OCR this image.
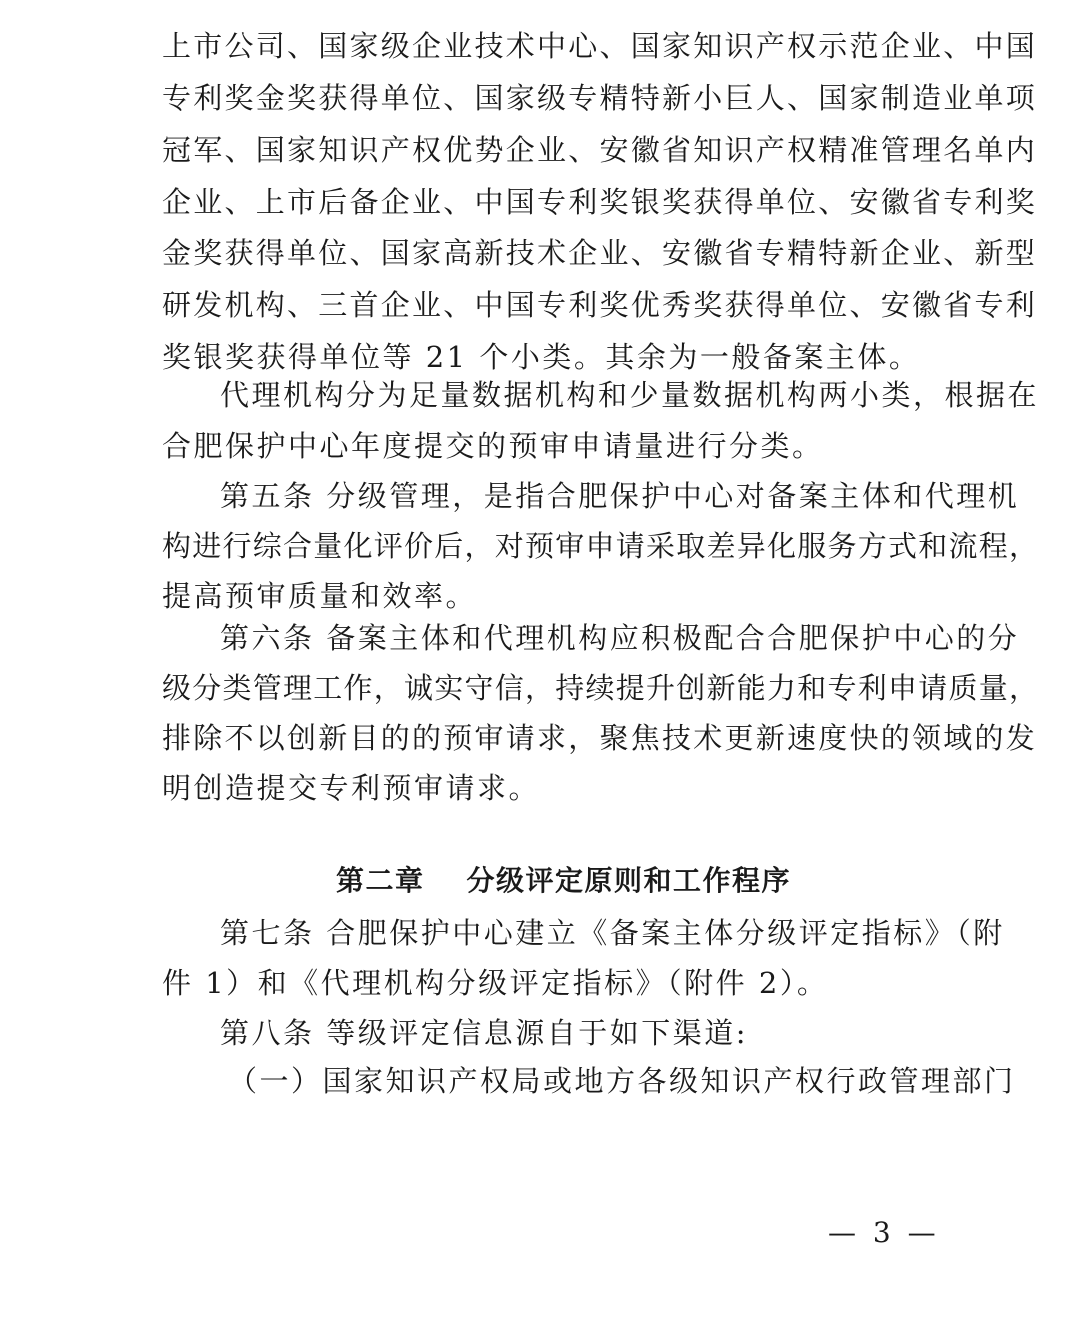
上市公司、国家级企业技术中心、国家知识产权示范企业、中国
专利奖金奖获得单位、国家级专精特新小巨人、国家制造业单项
冠军、国家知识产权优势企业、安徽省知识产权精准管理名单内
企业、上市后备企业、中国专利奖银奖获得单位、安徽省专利奖
金奖获得单位、国家高新技术企业、安徽省专精特新企业、新型
研发机构、三首企业、中国专利奖优秀奖获得单位、安徽省专利
奖银奖获得单位等 21 个小类。其余为一般备案主体。
代理机构分为足量数据机构和少量数据机构两小类，根据在
合肥保护中心年度提交的预审申请量进行分类。
第五条 分级管理，是指合肥保护中心对备案主体和代理机
构进行综合量化评价后，对预审申请采取差异化服务方式和流程，
提高预审质量和效率。
第六条 备案主体和代理机构应积极配合合肥保护中心的分
级分类管理工作，诚实守信，持续提升创新能力和专利申请质量，
排除不以创新目的的预审请求，聚焦技术更新速度快的领域的发
明创造提交专利预审请求。
第二章 分级评定原则和工作程序
第七条 合肥保护中心建立《备案主体分级评定指标》（附
件 1）和《代理机构分级评定指标》（附件 2）。
第八条 等级评定信息源自于如下渠道:
（一）国家知识产权局或地方各级知识产权行政管理部门
— 3 —
